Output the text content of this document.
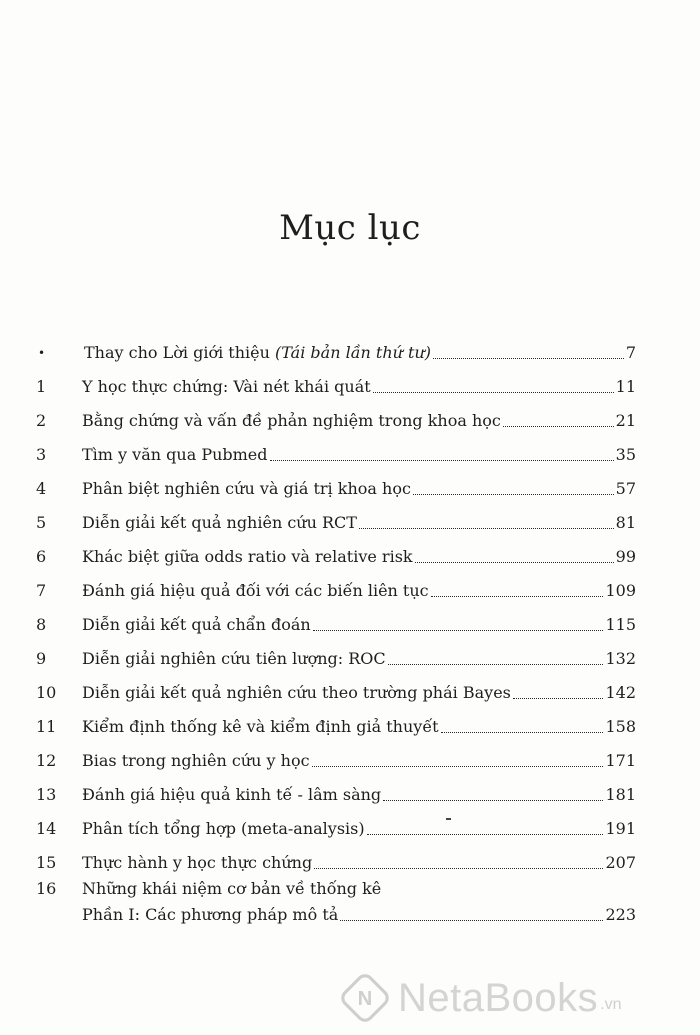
Mục lục
•	Thay cho Lời giới thiệu (Tái bản lần thứ tư)	7
1	Y học thực chứng: Vài nét khái quát	11
2	Bằng chứng và vấn đề phản nghiệm trong khoa học	21
3	Tìm y văn qua Pubmed	35
4	Phân biệt nghiên cứu và giá trị khoa học	57
5	Diễn giải kết quả nghiên cứu RCT	81
6	Khác biệt giữa odds ratio và relative risk	99
7	Đánh giá hiệu quả đối với các biến liên tục	109
8	Diễn giải kết quả chẩn đoán	115
9	Diễn giải nghiên cứu tiên lượng: ROC	132
10	Diễn giải kết quả nghiên cứu theo trường phái Bayes	142
11	Kiểm định thống kê và kiểm định giả thuyết	158
12	Bias trong nghiên cứu y học	171
13	Đánh giá hiệu quả kinh tế - lâm sàng	181
14	Phân tích tổng hợp (meta-analysis)	191
15	Thực hành y học thực chứng	207
16	Những khái niệm cơ bản về thống kê
Phần I: Các phương pháp mô tả	223
N NetaBooks .vn
